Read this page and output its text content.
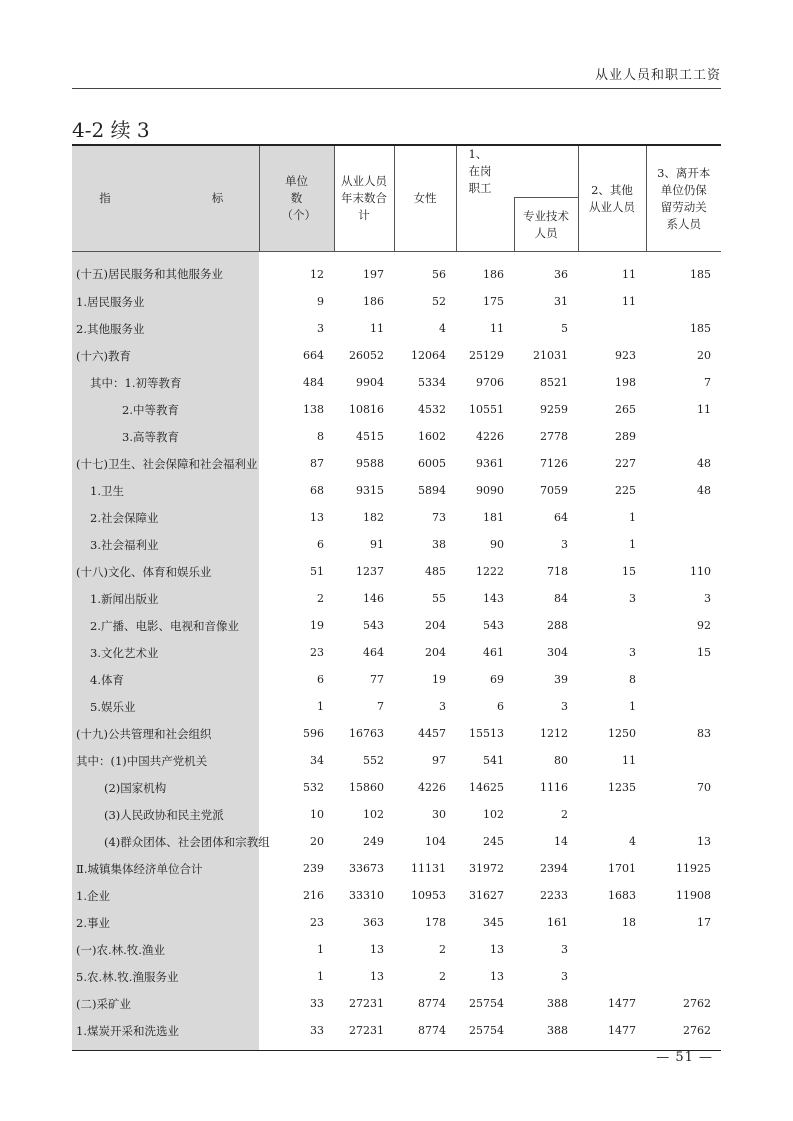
从业人员和职工工资
4-2 续 3
指　　标	单位数（个）	从业人员年末数合　计	女性	1、在岗职工		2、其他从业人员	3、离开本单位仍保留劳动关系人员

					专业技术人员		

(十五)居民服务和其他服务业	12	197	56	186	36	11	185
1.居民服务业	9	186	52	175	31	11	
2.其他服务业	3	11	4	11	5		185
(十六)教育	664	26052	12064	25129	21031	923	20
其中：1.初等教育	484	9904	5334	9706	8521	198	7
2.中等教育	138	10816	4532	10551	9259	265	11
3.高等教育	8	4515	1602	4226	2778	289	
(十七)卫生、社会保障和社会福利业	87	9588	6005	9361	7126	227	48
1.卫生	68	9315	5894	9090	7059	225	48
2.社会保障业	13	182	73	181	64	1	
3.社会福利业	6	91	38	90	3	1	
(十八)文化、体育和娱乐业	51	1237	485	1222	718	15	110
1.新闻出版业	2	146	55	143	84	3	3
2.广播、电影、电视和音像业	19	543	204	543	288		92
3.文化艺术业	23	464	204	461	304	3	15
4.体育	6	77	19	69	39	8	
5.娱乐业	1	7	3	6	3	1	
(十九)公共管理和社会组织	596	16763	4457	15513	1212	1250	83
其中：(1)中国共产党机关	34	552	97	541	80	11	
(2)国家机构	532	15860	4226	14625	1116	1235	70
(3)人民政协和民主党派	10	102	30	102	2		
(4)群众团体、社会团体和宗教组	20	249	104	245	14	4	13
Ⅱ.城镇集体经济单位合计	239	33673	11131	31972	2394	1701	11925
1.企业	216	33310	10953	31627	2233	1683	11908
2.事业	23	363	178	345	161	18	17
(一)农.林.牧.渔业	1	13	2	13	3		
5.农.林.牧.渔服务业	1	13	2	13	3		
(二)采矿业	33	27231	8774	25754	388	1477	2762
1.煤炭开采和洗选业	33	27231	8774	25754	388	1477	2762
— 51 —
